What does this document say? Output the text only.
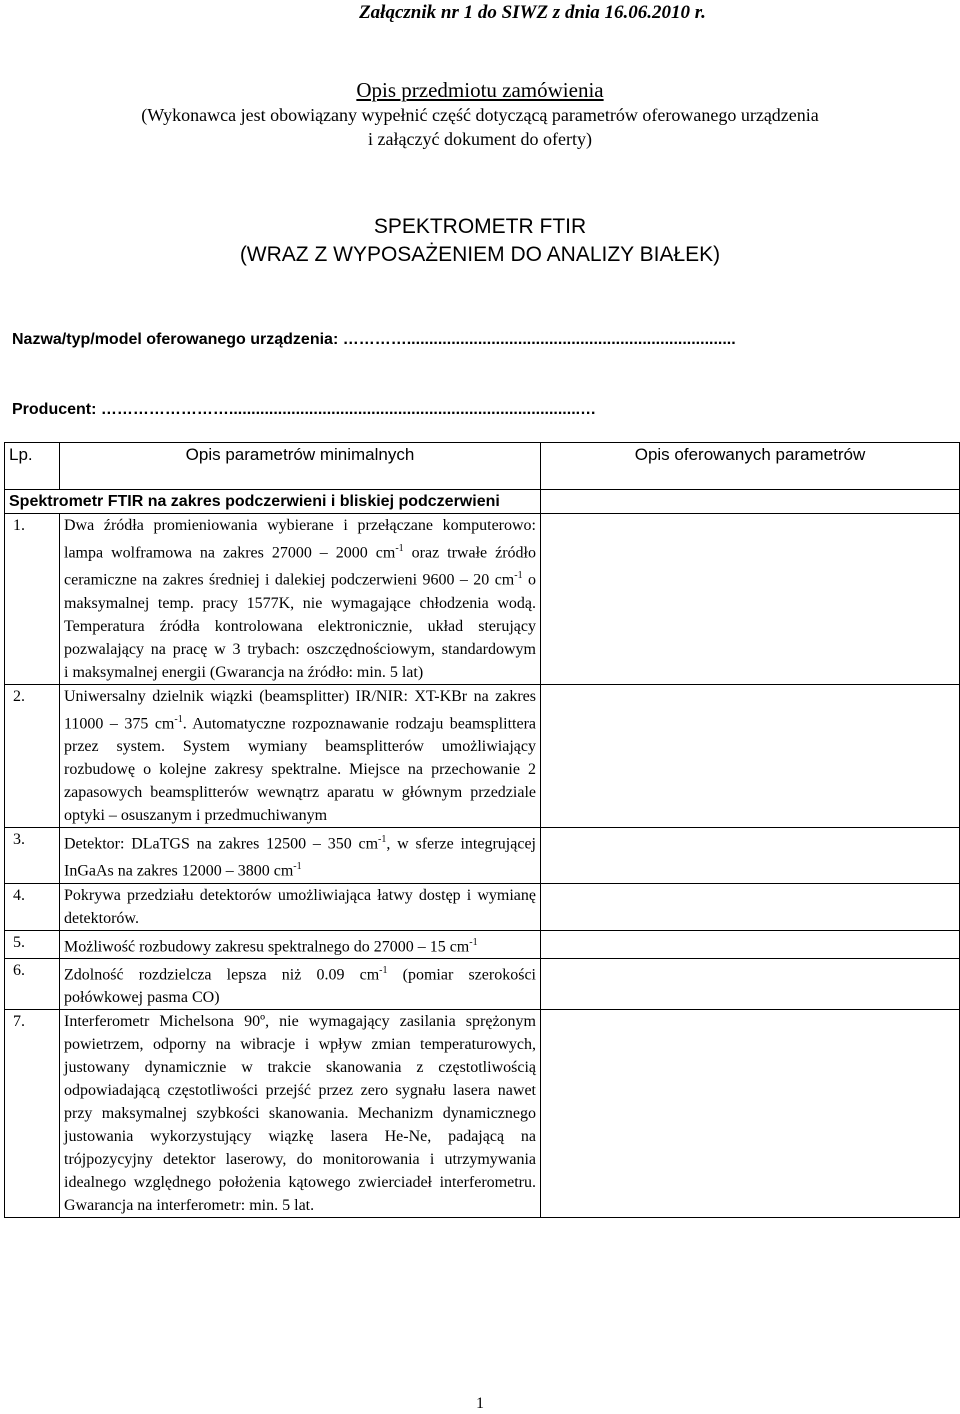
Załącznik nr 1 do SIWZ z dnia 16.06.2010 r.
Opis przedmiotu zamówienia
(Wykonawca jest obowiązany wypełnić część dotyczącą parametrów oferowanego urządzenia
i załączyć dokument do oferty)
SPEKTROMETR FTIR
(WRAZ Z WYPOSAŻENIEM DO ANALIZY BIAŁEK)
Nazwa/typ/model oferowanego urządzenia: …………..........................................................................
Producent: ……………………...............................................................................…
Lp.	Opis parametrów minimalnych	Opis oferowanych parametrów
Spektrometr FTIR na zakres podczerwieni i bliskiej podczerwieni		
1.	Dwa źródła promieniowania wybierane i przełączane komputerowo: lampa wolframowa na zakres 27000 – 2000 $cm^{-1}$ oraz trwałe źródło ceramiczne na zakres średniej i dalekiej podczerwieni 9600 – 20 $cm^{-1}$ o maksymalnej temp. pracy 1577K, nie wymagające chłodzenia wodą. Temperatura źródła kontrolowana elektronicznie, układ sterujący pozwalający na pracę w 3 trybach: oszczędnościowym, standardowym i maksymalnej energii (Gwarancja na źródło: min. 5 lat)	
2.	Uniwersalny dzielnik wiązki (beamsplitter) IR/NIR: XT-KBr na zakres 11000 – 375 $cm^{-1}$. Automatyczne rozpoznawanie rodzaju beamsplittera przez system. System wymiany beamsplitterów umożliwiający rozbudowę o kolejne zakresy spektralne. Miejsce na przechowanie 2 zapasowych beamsplitterów wewnątrz aparatu w głównym przedziale optyki – osuszanym i przedmuchiwanym	
3.	Detektor: DLaTGS na zakres 12500 – 350 $cm^{-1}$, w sferze integrującej InGaAs na zakres 12000 – 3800 $cm^{-1}$	
4.	Pokrywa przedziału detektorów umożliwiająca łatwy dostęp i wymianę detektorów.	
5.	Możliwość rozbudowy zakresu spektralnego do 27000 – 15 $cm^{-1}$	
6.	Zdolność rozdzielcza lepsza niż 0.09 $cm^{-1}$ (pomiar szerokości połówkowej pasma CO)	
7.	Interferometr Michelsona 90º, nie wymagający zasilania sprężonym powietrzem, odporny na wibracje i wpływ zmian temperaturowych, justowany dynamicznie w trakcie skanowania z częstotliwością odpowiadającą częstotliwości przejść przez zero sygnału lasera nawet przy maksymalnej szybkości skanowania. Mechanizm dynamicznego justowania wykorzystujący wiązkę lasera He-Ne, padającą na trójpozycyjny detektor laserowy, do monitorowania i utrzymywania idealnego względnego położenia kątowego zwierciadeł interferometru. Gwarancja na interferometr: min. 5 lat.	
1
